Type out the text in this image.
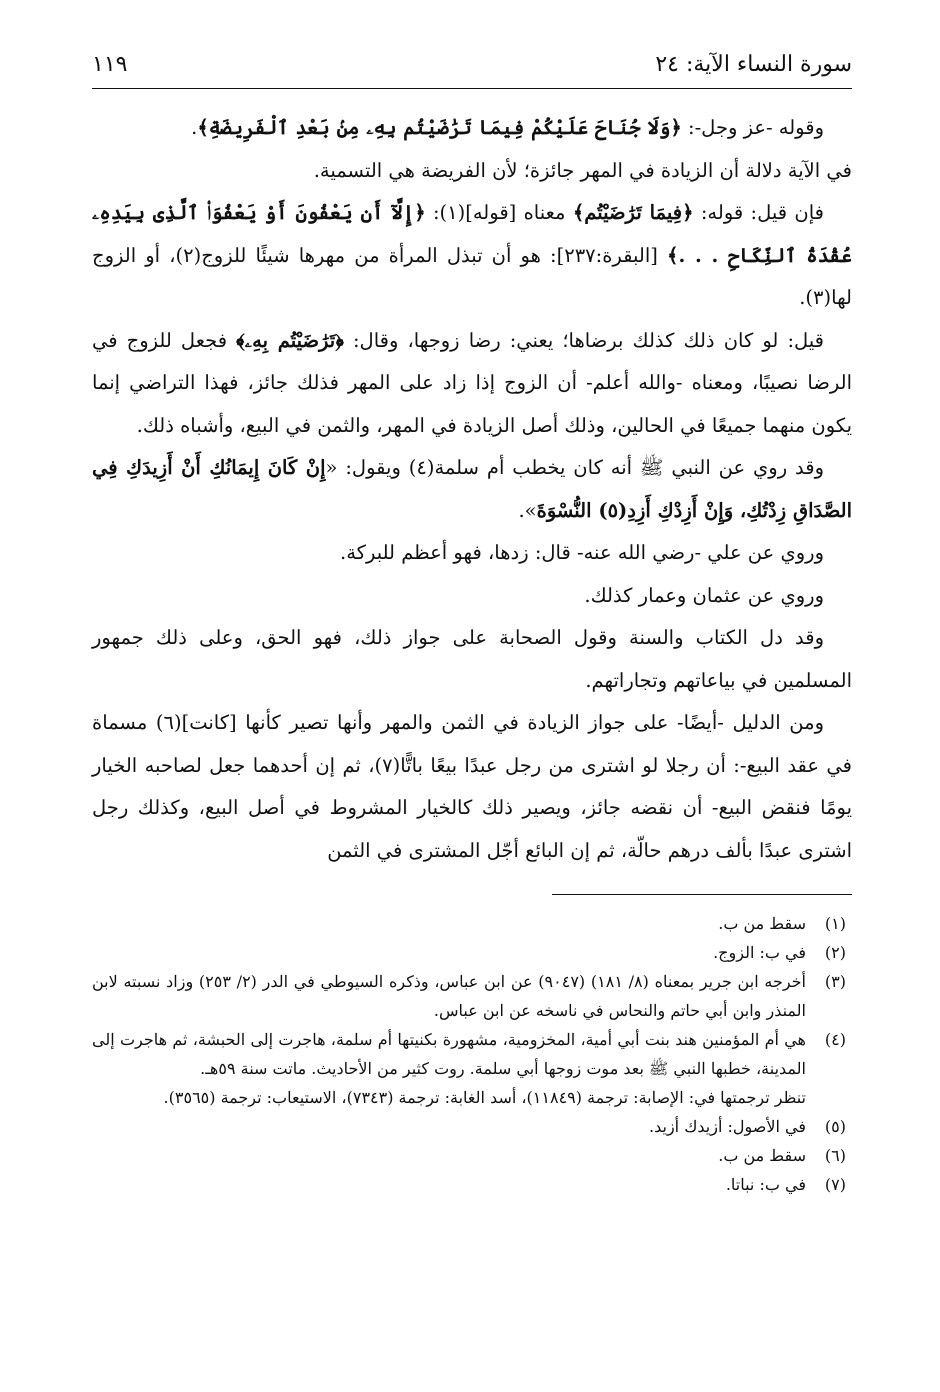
سورة النساء الآية: ٢٤
١١٩

وقوله -عز وجل-: ﴿وَلَا جُنَاحَ عَلَيْكُمْ فِيمَا تَرَٰضَيْتُم بِهِۦ مِنۢ بَعْدِ ٱلْفَرِيضَةِ﴾.

في الآية دلالة أن الزيادة في المهر جائزة؛ لأن الفريضة هي التسمية.

فإن قيل: قوله: ﴿فِيمَا تَرَٰضَيْتُم﴾ معناه [قوله](١): ﴿إِلَّآ أَن يَعْفُونَ أَوْ يَعْفُوَا۟ ٱلَّذِى بِيَدِهِۦ عُقْدَةُ ٱلنِّكَاحِ . . .﴾ [البقرة:٢٣٧]: هو أن تبذل المرأة من مهرها شيئًا للزوج(٢)، أو الزوج لها(٣).

قيل: لو كان ذلك كذلك برضاها؛ يعني: رضا زوجها، وقال: ﴿تَرَٰضَيْتُم بِهِۦ﴾ فجعل للزوج في الرضا نصيبًا، ومعناه -والله أعلم- أن الزوج إذا زاد على المهر فذلك جائز، فهذا التراضي إنما يكون منهما جميعًا في الحالين، وذلك أصل الزيادة في المهر، والثمن في البيع، وأشباه ذلك.

وقد روي عن النبي ﷺ أنه كان يخطب أم سلمة(٤) ويقول: «إِنْ كَانَ إِيمَانُكِ أَنْ أَزِيدَكِ فِي الصَّدَاقِ زِدْتُكِ، وَإِنْ أَزِدْكِ أَزِدِ(٥) النُّسْوَةَ».

وروي عن علي -رضي الله عنه- قال: زدها، فهو أعظم للبركة.

وروي عن عثمان وعمار كذلك.

وقد دل الكتاب والسنة وقول الصحابة على جواز ذلك، فهو الحق، وعلى ذلك جمهور المسلمين في بياعاتهم وتجاراتهم.

ومن الدليل -أيضًا- على جواز الزيادة في الثمن والمهر وأنها تصير كأنها [كانت](٦) مسماة في عقد البيع-: أن رجلا لو اشترى من رجل عبدًا بيعًا باتًّا(٧)، ثم إن أحدهما جعل لصاحبه الخيار يومًا فنقض البيع- أن نقضه جائز، ويصير ذلك كالخيار المشروط في أصل البيع، وكذلك رجل اشترى عبدًا بألف درهم حالّة، ثم إن البائع أجّل المشترى في الثمن

(١)
سقط من ب.
(٢)
في ب: الزوج.
(٣)
أخرجه ابن جرير بمعناه (٨/ ١٨١) (٩٠٤٧) عن ابن عباس، وذكره السيوطي في الدر (٢/ ٢٥٣) وزاد نسبته لابن المنذر وابن أبي حاتم والنحاس في ناسخه عن ابن عباس.
(٤)
هي أم المؤمنين هند بنت أبي أمية، المخزومية، مشهورة بكنيتها أم سلمة، هاجرت إلى الحبشة، ثم هاجرت إلى المدينة، خطبها النبي ﷺ بعد موت زوجها أبي سلمة. روت كثير من الأحاديث. ماتت سنة ٥٩هـ.
تنظر ترجمتها في: الإصابة: ترجمة (١١٨٤٩)، أسد الغابة: ترجمة (٧٣٤٣)، الاستيعاب: ترجمة (٣٥٦٥).
(٥)
في الأصول: أزيدك أزيد.
(٦)
سقط من ب.
(٧)
في ب: نباتا.
